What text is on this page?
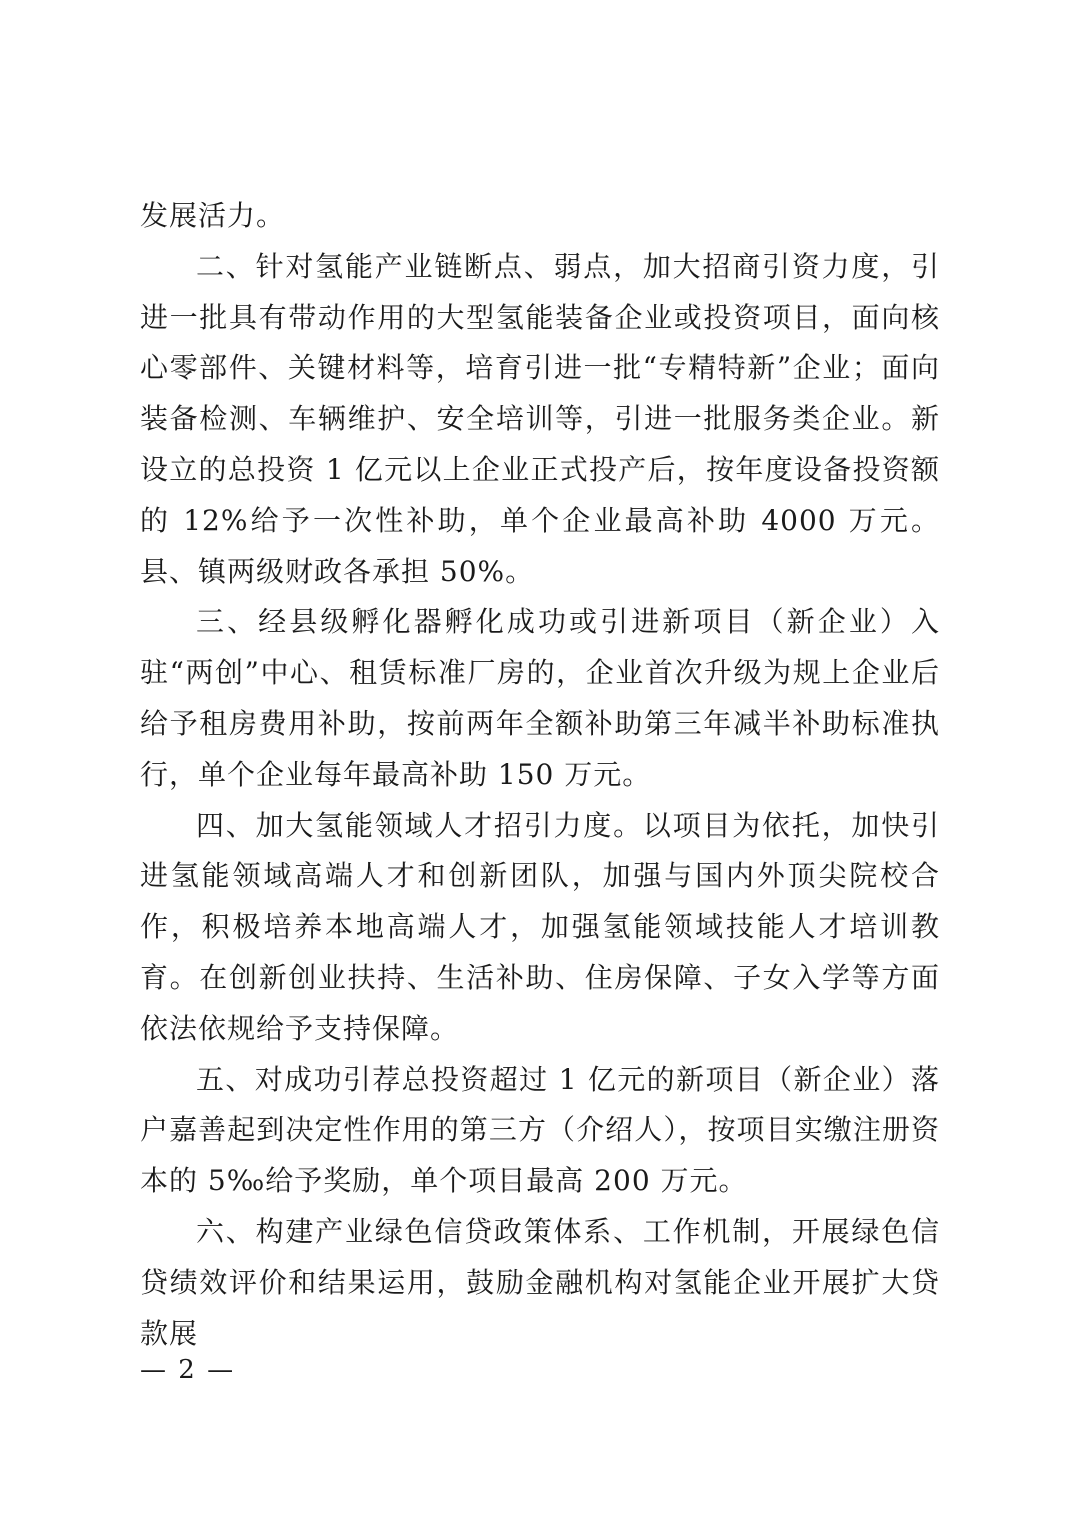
发展活力。

二、针对氢能产业链断点、弱点，加大招商引资力度，引进一批具有带动作用的大型氢能装备企业或投资项目，面向核心零部件、关键材料等，培育引进一批“专精特新”企业；面向装备检测、车辆维护、安全培训等，引进一批服务类企业。新设立的总投资 1 亿元以上企业正式投产后，按年度设备投资额的 12%给予一次性补助，单个企业最高补助 4000 万元。县、镇两级财政各承担 50%。

三、经县级孵化器孵化成功或引进新项目（新企业）入驻“两创”中心、租赁标准厂房的，企业首次升级为规上企业后给予租房费用补助，按前两年全额补助第三年减半补助标准执行，单个企业每年最高补助 150 万元。

四、加大氢能领域人才招引力度。以项目为依托，加快引进氢能领域高端人才和创新团队，加强与国内外顶尖院校合作，积极培养本地高端人才，加强氢能领域技能人才培训教育。在创新创业扶持、生活补助、住房保障、子女入学等方面依法依规给予支持保障。

五、对成功引荐总投资超过 1 亿元的新项目（新企业）落户嘉善起到决定性作用的第三方（介绍人），按项目实缴注册资本的 5‰给予奖励，单个项目最高 200 万元。

六、构建产业绿色信贷政策体系、工作机制，开展绿色信贷绩效评价和结果运用，鼓励金融机构对氢能企业开展扩大贷款展

— 2 —
